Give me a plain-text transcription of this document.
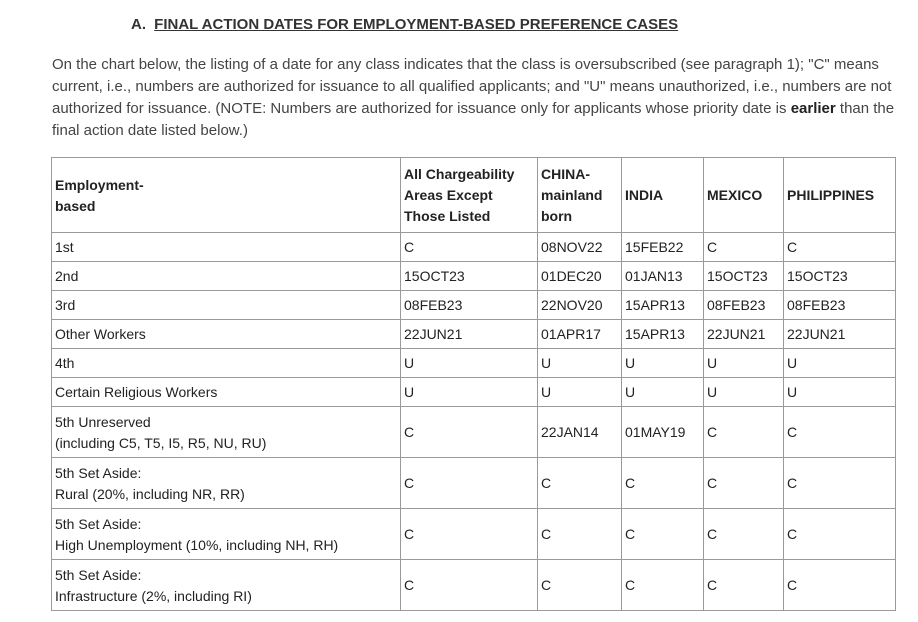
A. FINAL ACTION DATES FOR EMPLOYMENT-BASED PREFERENCE CASES

On the chart below, the listing of a date for any class indicates that the class is oversubscribed (see paragraph 1); "C" means current, i.e., numbers are authorized for issuance to all qualified applicants; and "U" means unauthorized, i.e., numbers are not authorized for issuance. (NOTE: Numbers are authorized for issuance only for applicants whose priority date is earlier than the final action date listed below.)

Employment-
based	All Chargeability
Areas Except
Those Listed	CHINA-
mainland
born	INDIA	MEXICO	PHILIPPINES

1st	C	08NOV22	15FEB22	C	C

2nd	15OCT23	01DEC20	01JAN13	15OCT23	15OCT23

3rd	08FEB23	22NOV20	15APR13	08FEB23	08FEB23

Other Workers	22JUN21	01APR17	15APR13	22JUN21	22JUN21

4th	U	U	U	U	U

Certain Religious Workers	U	U	U	U	U

5th Unreserved
(including C5, T5, I5, R5, NU, RU)	C	22JAN14	01MAY19	C	C

5th Set Aside:
Rural (20%, including NR, RR)	C	C	C	C	C

5th Set Aside:
High Unemployment (10%, including NH, RH)	C	C	C	C	C

5th Set Aside:
Infrastructure (2%, including RI)	C	C	C	C	C
